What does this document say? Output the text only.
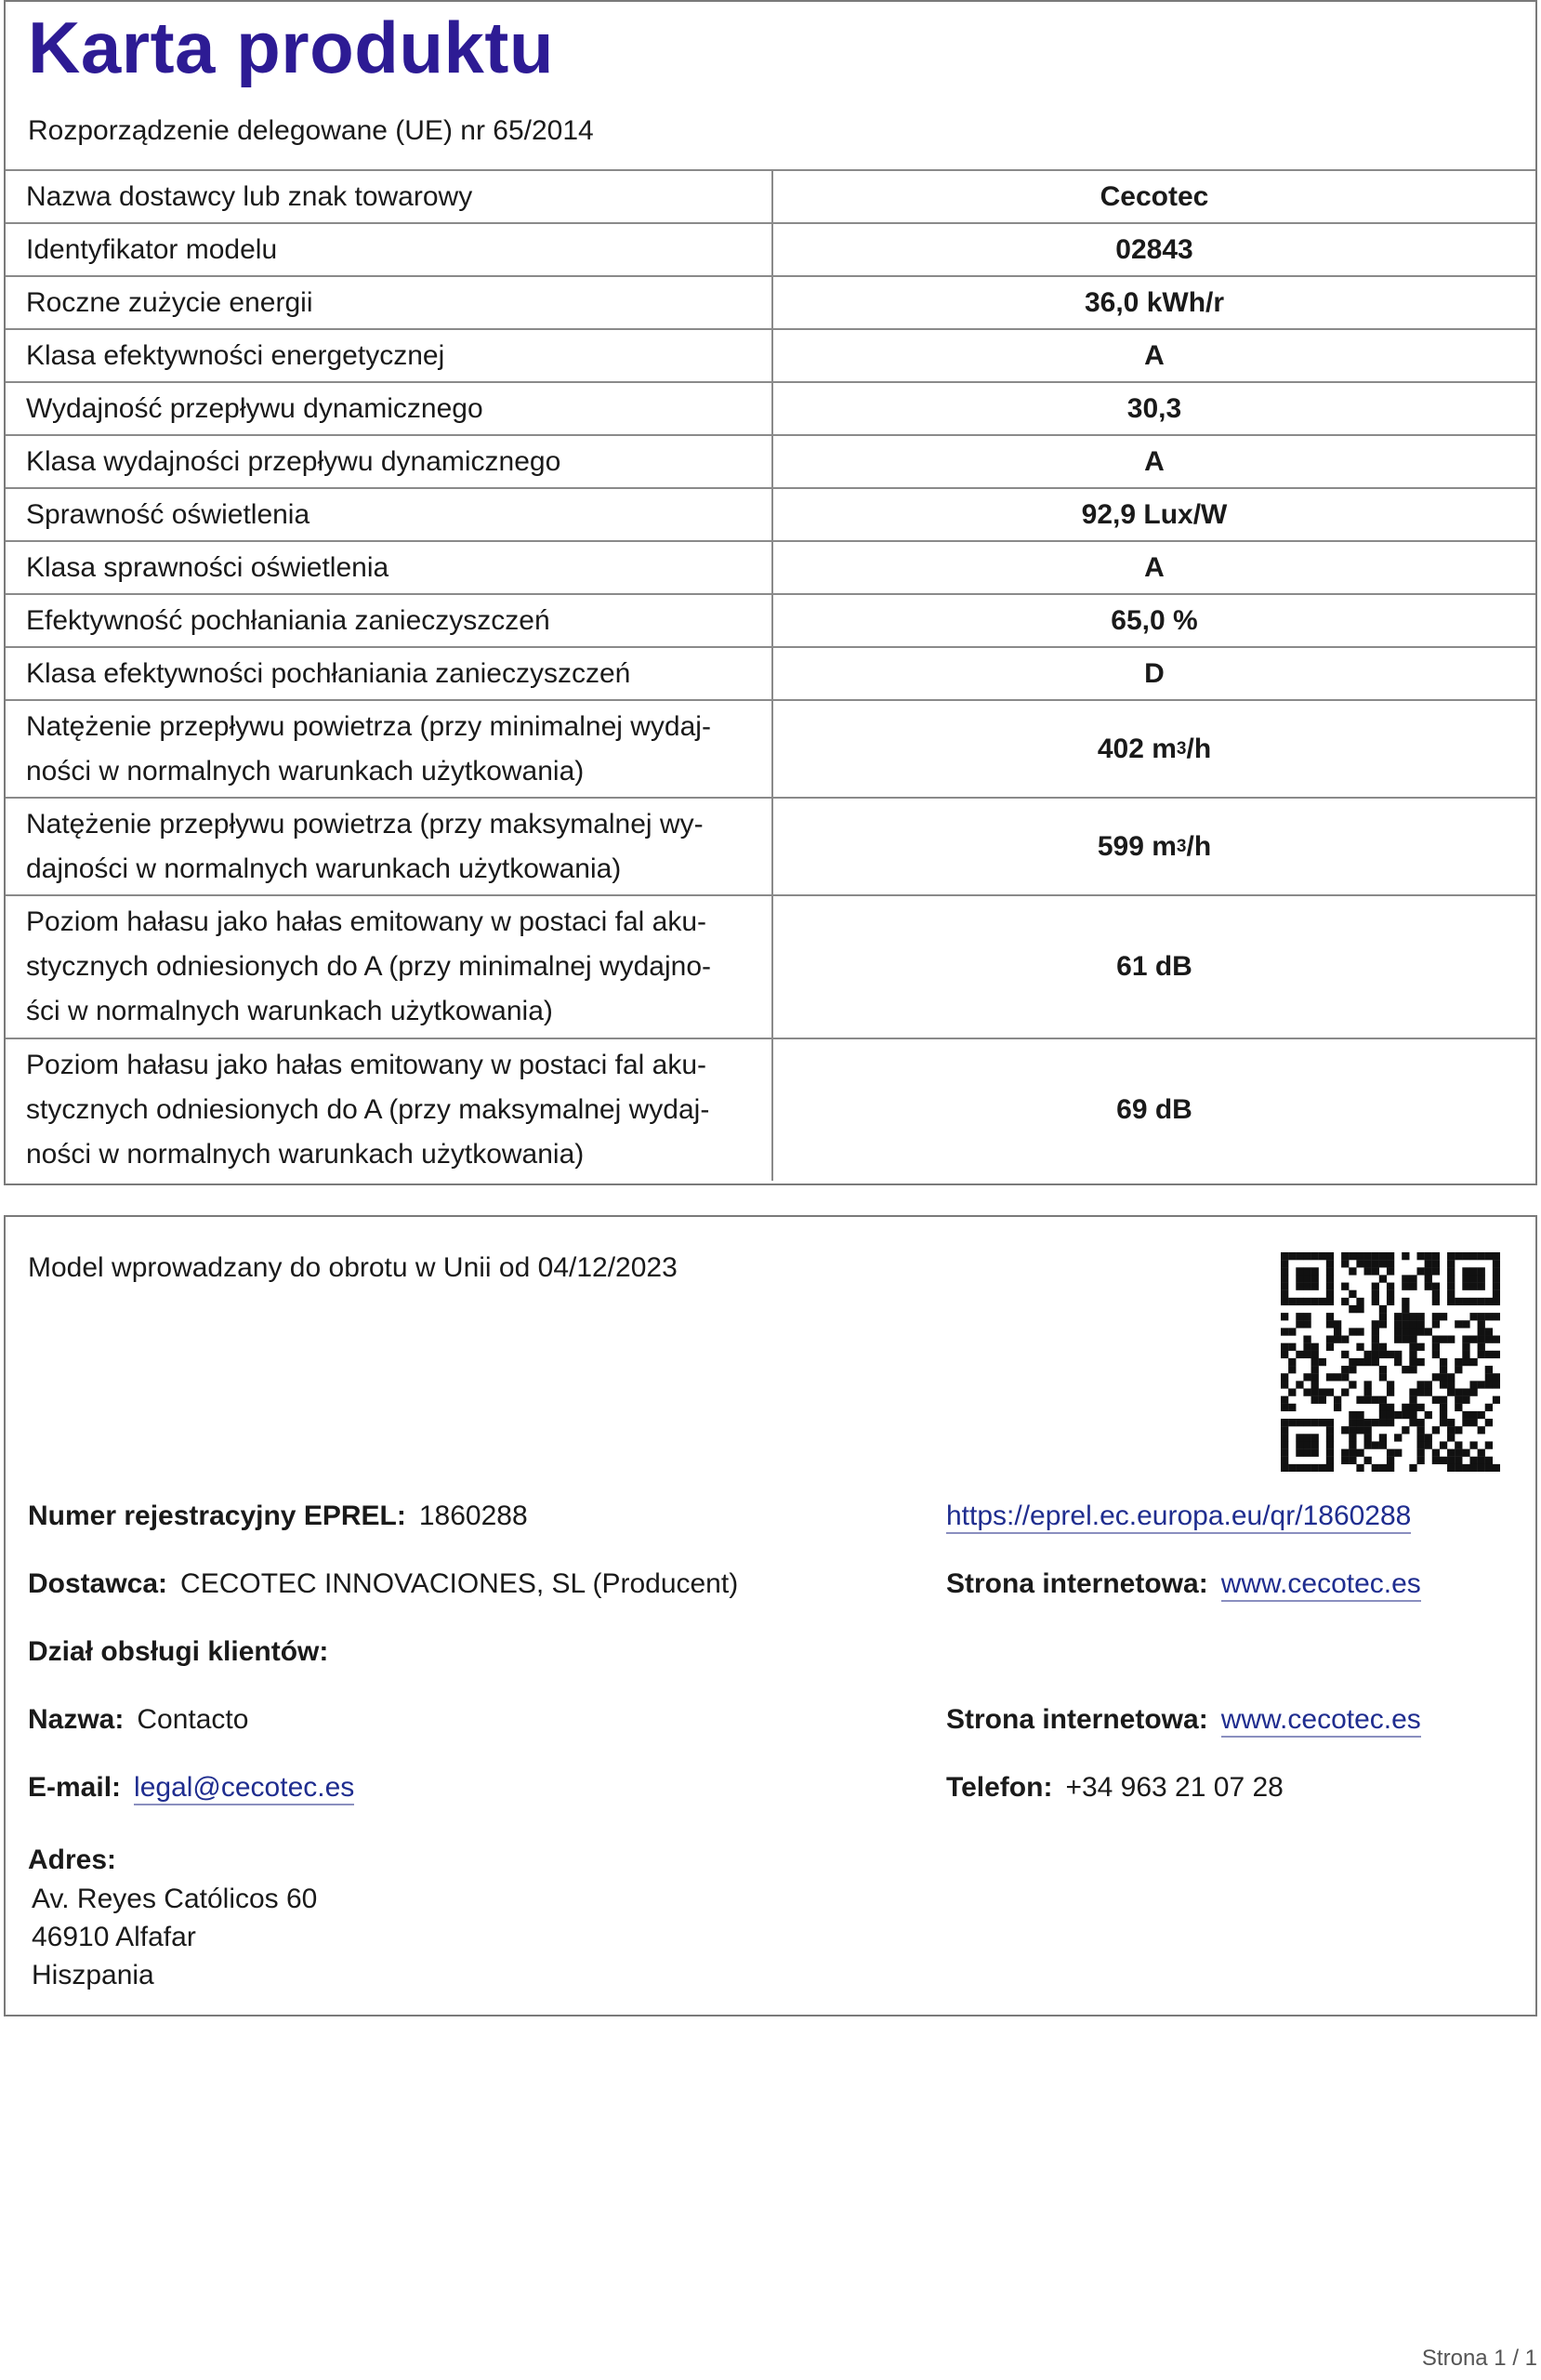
Karta produktu
Rozporządzenie delegowane (UE) nr 65/2014
Nazwa dostawcy lub znak towarowy	Cecotec
Identyfikator modelu	02843
Roczne zużycie energii	36,0 kWh/r
Klasa efektywności energetycznej	A
Wydajność przepływu dynamicznego	30,3
Klasa wydajności przepływu dynamicznego	A
Sprawność oświetlenia	92,9 Lux/W
Klasa sprawności oświetlenia	A
Efektywność pochłaniania zanieczyszczeń	65,0 %
Klasa efektywności pochłaniania zanieczyszczeń	D
Natężenie przepływu powietrza (przy minimalnej wydaj-
ności w normalnych warunkach użytkowania)
402 m 3 /h
Natężenie przepływu powietrza (przy maksymalnej wy-
dajności w normalnych warunkach użytkowania)
599 m 3 /h
Poziom hałasu jako hałas emitowany w postaci fal aku-
stycznych odniesionych do A (przy minimalnej wydajno-
ści w normalnych warunkach użytkowania)
61 dB
Poziom hałasu jako hałas emitowany w postaci fal aku-
stycznych odniesionych do A (przy maksymalnej wydaj-
ności w normalnych warunkach użytkowania)
69 dB
Model wprowadzany do obrotu w Unii od 04/12/2023
Numer rejestracyjny EPREL: 1860288	https://eprel.ec.europa.eu/qr/1860288
Dostawca: CECOTEC INNOVACIONES, SL (Producent)	Strona internetowa: www.cecotec.es
Dział obsługi klientów:
Nazwa: Contacto	Strona internetowa: www.cecotec.es
E-mail: legal@cecotec.es	Telefon: +34 963 21 07 28
Adres:
Av. Reyes Católicos 60
46910 Alfafar
Hiszpania
Strona 1 / 1
